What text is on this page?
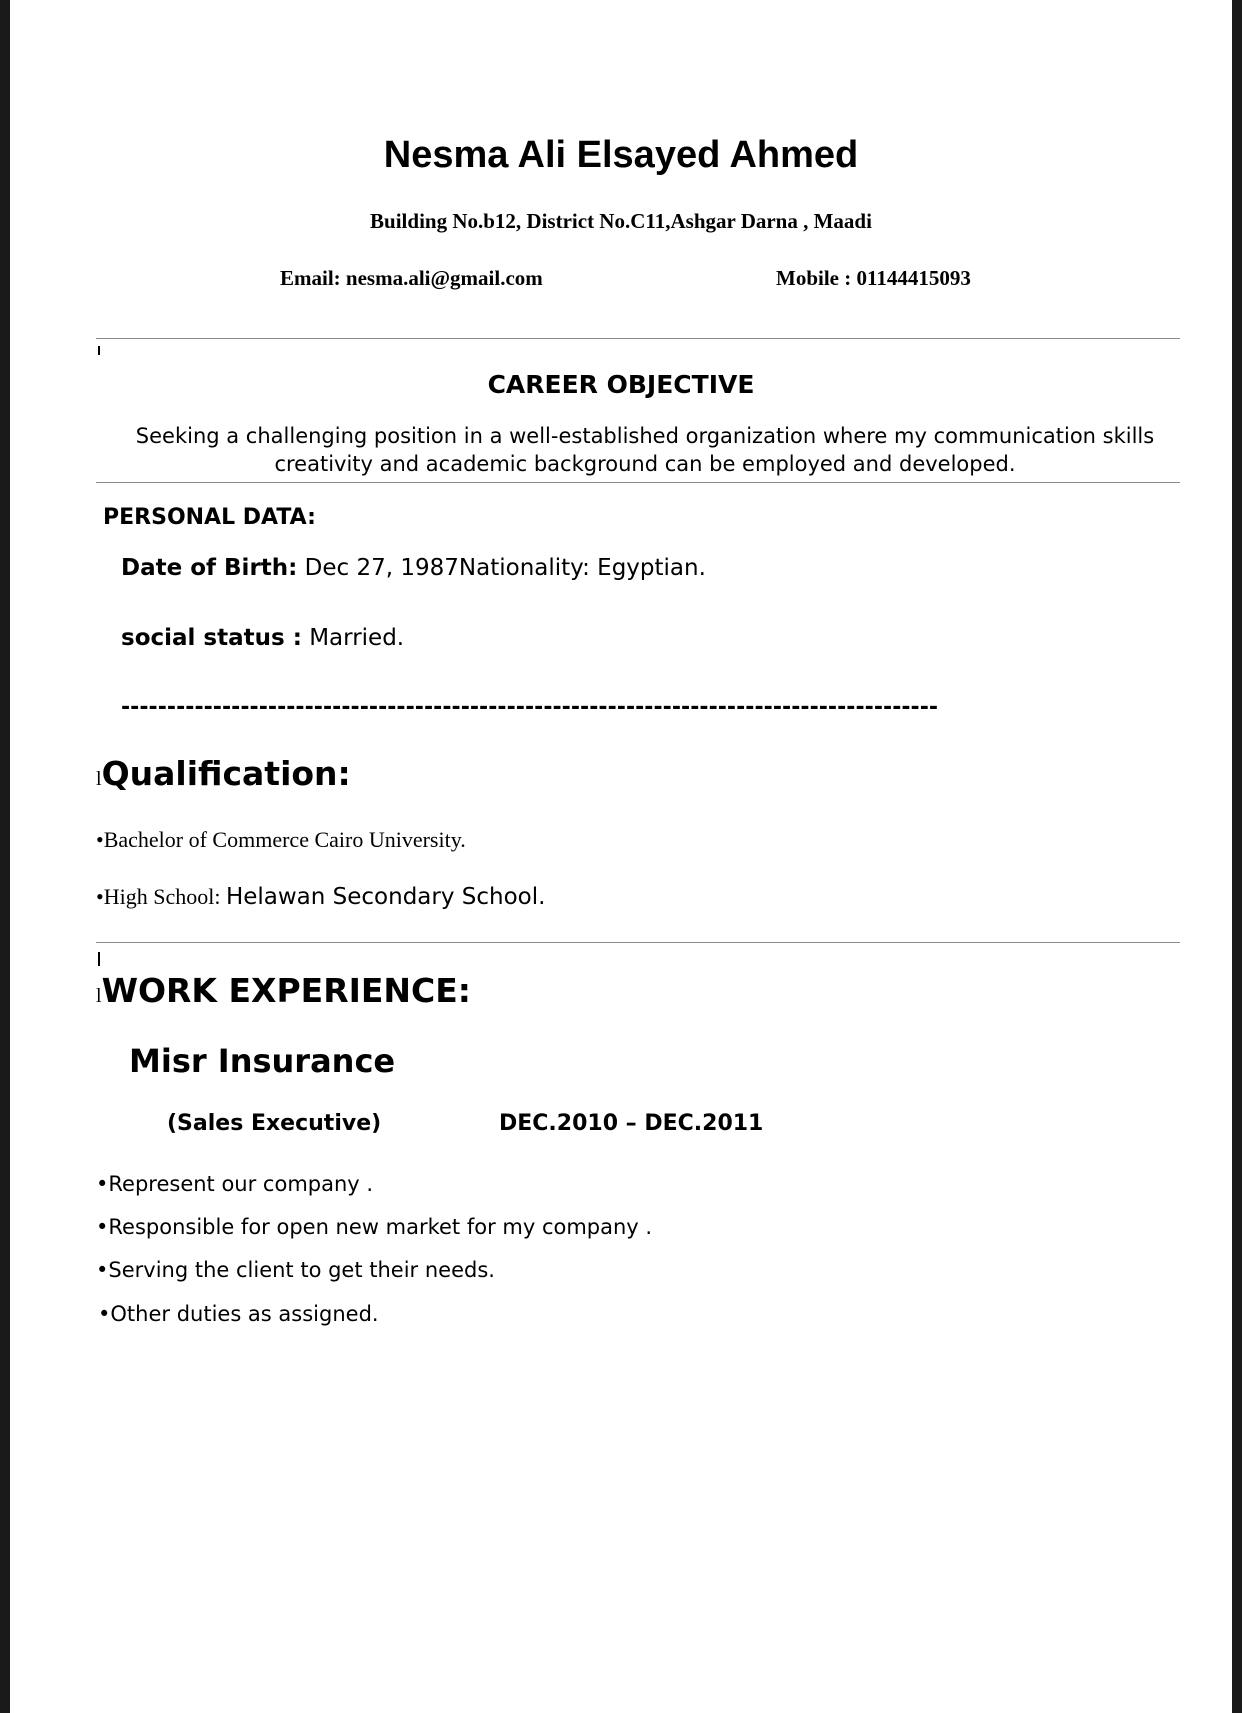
Nesma Ali Elsayed Ahmed
Building No.b12, District No.C11,Ashgar Darna , Maadi
Email: nesma.ali@gmail.com	Mobile : 01144415093
CAREER OBJECTIVE
Seeking a challenging position in a well-established organization where my communication skills creativity and academic background can be employed and developed.
PERSONAL DATA:
Date of Birth: Dec 27, 1987Nationality: Egyptian.
social status : Married.
-----------------------------------------------------------------------------------------
lQualification:
•Bachelor of Commerce Cairo University.
•High School: Helawan Secondary School.
lWORK EXPERIENCE:
Misr Insurance
(Sales Executive)	DEC.2010 – DEC.2011
•Represent our company .
•Responsible for open new market for my company .
•Serving the client to get their needs.
•Other duties as assigned.
